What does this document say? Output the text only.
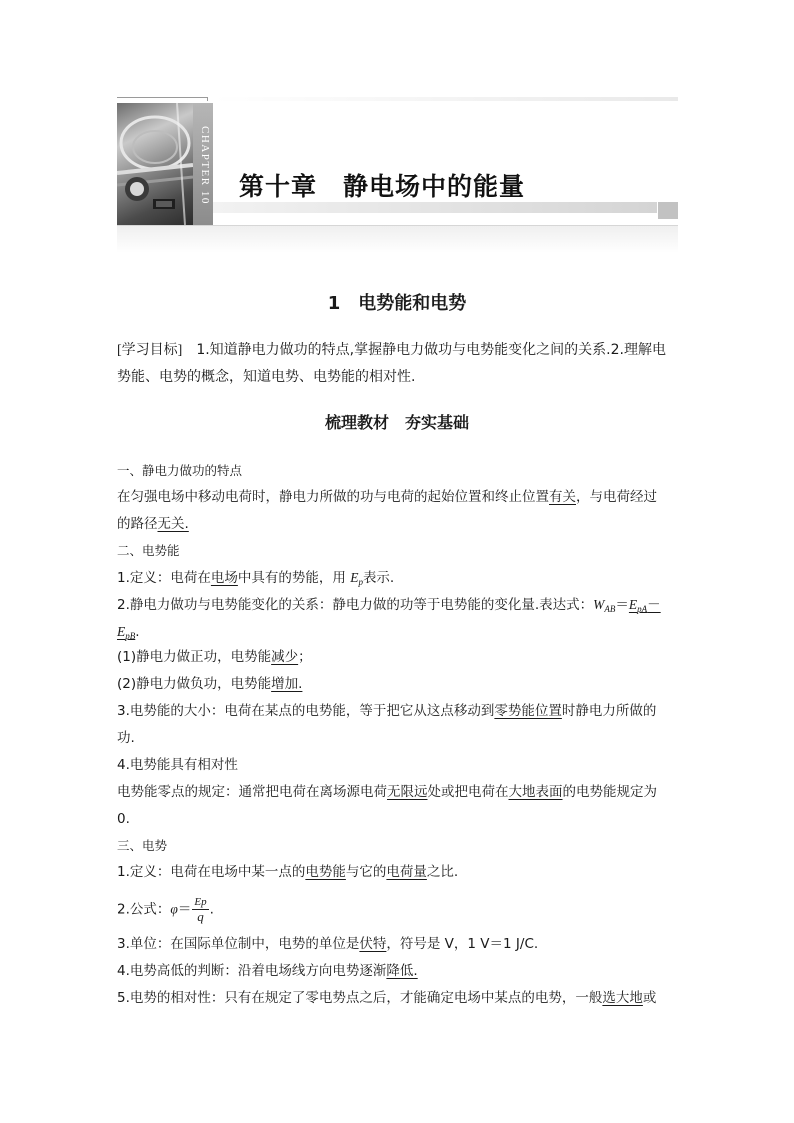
CHAPTER 10 第十章　静电场中的能量
1　电势能和电势
[学习目标]　1.知道静电力做功的特点,掌握静电力做功与电势能变化之间的关系.2.理解电势能、电势的概念，知道电势、电势能的相对性.
梳理教材　夯实基础
一、静电力做功的特点
在匀强电场中移动电荷时，静电力所做的功与电荷的起始位置和终止位置有关，与电荷经过
的路径无关.
二、电势能
1.定义：电荷在电场中具有的势能，用 $E_p$表示.
2.静电力做功与电势能变化的关系：静电力做的功等于电势能的变化量.表达式：$W_{AB}=E_{pA}-$
$E_{pB}$.
(1)静电力做正功，电势能减少；
(2)静电力做负功，电势能增加.
3.电势能的大小：电荷在某点的电势能，等于把它从这点移动到零势能位置时静电力所做的
功.
4.电势能具有相对性
电势能零点的规定：通常把电荷在离场源电荷无限远处或把电荷在大地表面的电势能规定为
0.
三、电势
1.定义：电荷在电场中某一点的电势能与它的电荷量之比.
2.公式：$\varphi= \frac{Ep}{q}$ .
3.单位：在国际单位制中，电势的单位是伏特，符号是 V，1 V＝1 J/C.
4.电势高低的判断：沿着电场线方向电势逐渐降低.
5.电势的相对性：只有在规定了零电势点之后，才能确定电场中某点的电势，一般选大地或
